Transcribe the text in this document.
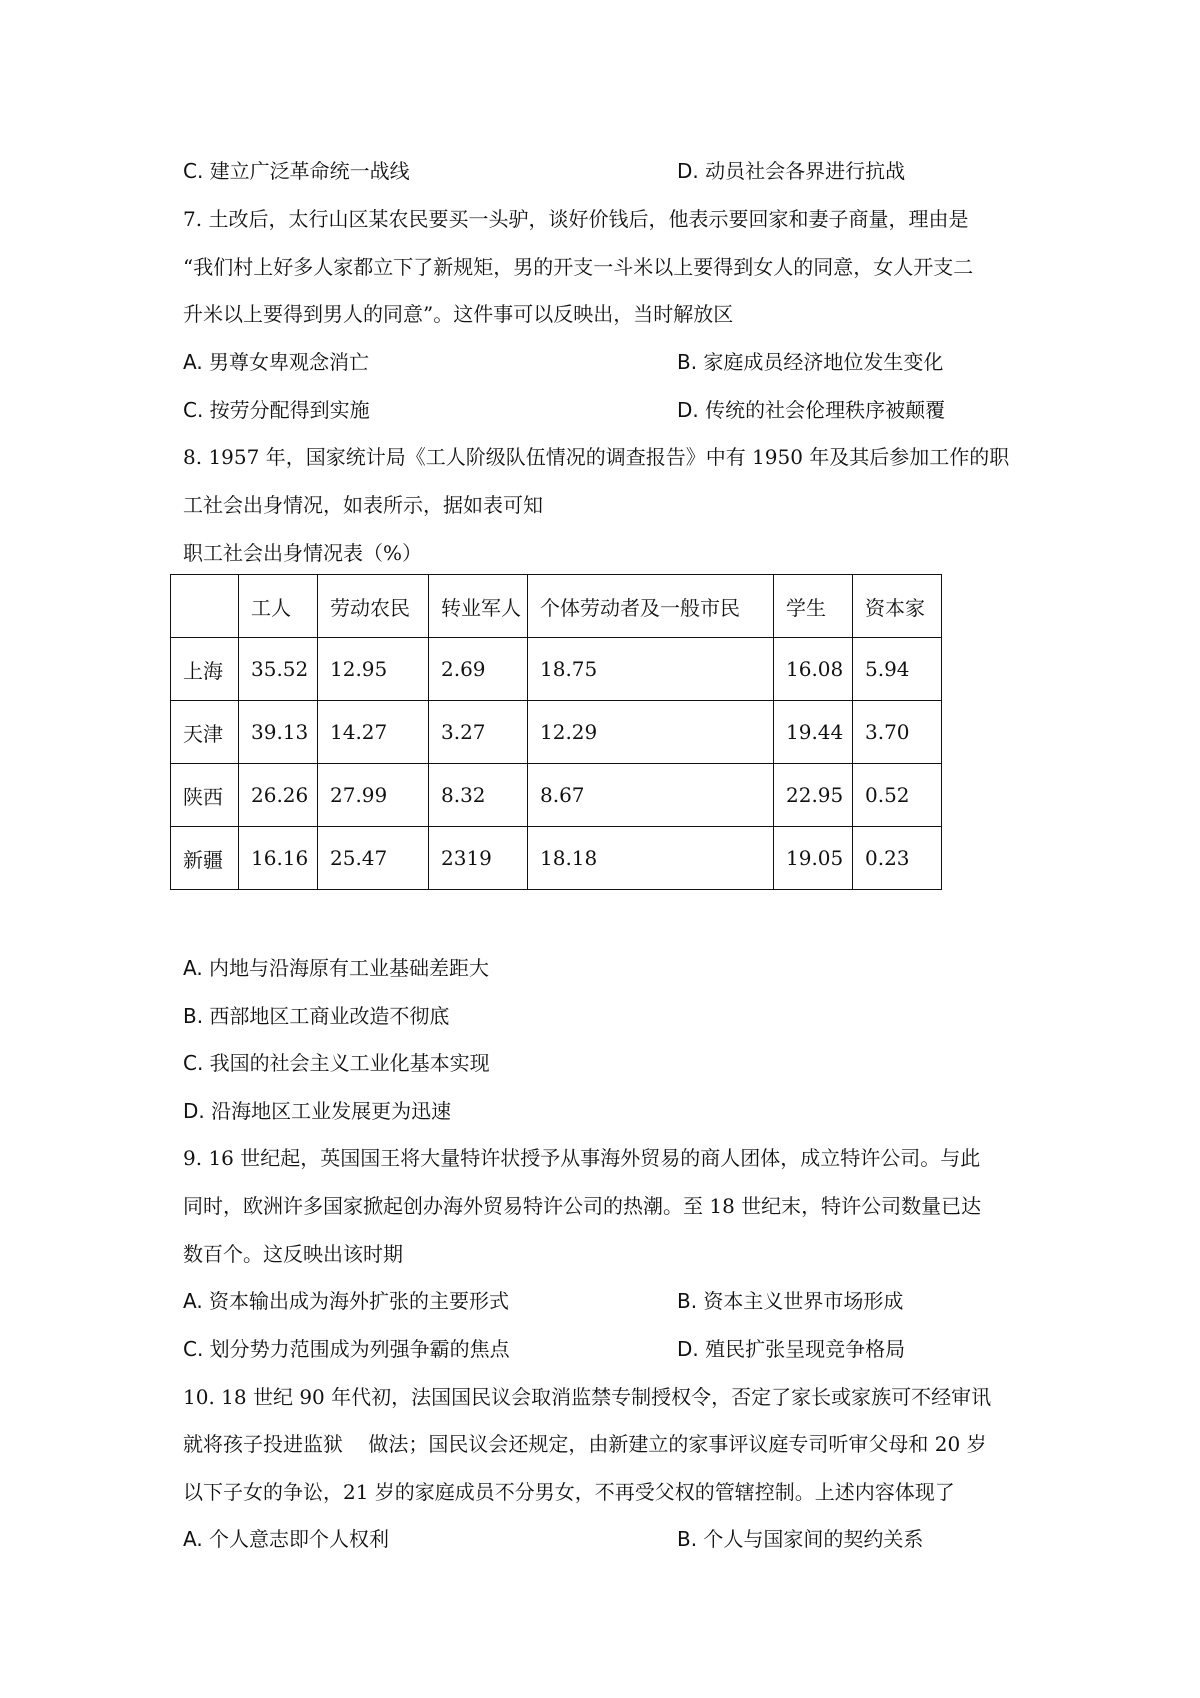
C. 建立广泛革命统一战线	D. 动员社会各界进行抗战
7. 土改后，太行山区某农民要买一头驴，谈好价钱后，他表示要回家和妻子商量，理由是
“我们村上好多人家都立下了新规矩，男的开支一斗米以上要得到女人的同意，女人开支二
升米以上要得到男人的同意”。这件事可以反映出，当时解放区
A. 男尊女卑观念消亡	B. 家庭成员经济地位发生变化
C. 按劳分配得到实施	D. 传统的社会伦理秩序被颠覆
8. 1957 年，国家统计局《工人阶级队伍情况的调查报告》中有 1950 年及其后参加工作的职
工社会出身情况，如表所示，据如表可知
职工社会出身情况表（%）
	工人	劳动农民	转业军人	个体劳动者及一般市民	学生	资本家
上海	35.52	12.95	2.69	18.75	16.08	5.94
天津	39.13	14.27	3.27	12.29	19.44	3.70
陕西	26.26	27.99	8.32	8.67	22.95	0.52
新疆	16.16	25.47	2319	18.18	19.05	0.23
A. 内地与沿海原有工业基础差距大
B. 西部地区工商业改造不彻底
C. 我国的社会主义工业化基本实现
D. 沿海地区工业发展更为迅速
9. 16 世纪起，英国国王将大量特许状授予从事海外贸易的商人团体，成立特许公司。与此
同时，欧洲许多国家掀起创办海外贸易特许公司的热潮。至 18 世纪末，特许公司数量已达
数百个。这反映出该时期
A. 资本输出成为海外扩张的主要形式	B. 资本主义世界市场形成
C. 划分势力范围成为列强争霸的焦点	D. 殖民扩张呈现竞争格局
10. 18 世纪 90 年代初，法国国民议会取消监禁专制授权令，否定了家长或家族可不经审讯
就将孩子投进监狱    做法；国民议会还规定，由新建立的家事评议庭专司听审父母和 20 岁
以下子女的争讼，21 岁的家庭成员不分男女，不再受父权的管辖控制。上述内容体现了
A. 个人意志即个人权利	B. 个人与国家间的契约关系
